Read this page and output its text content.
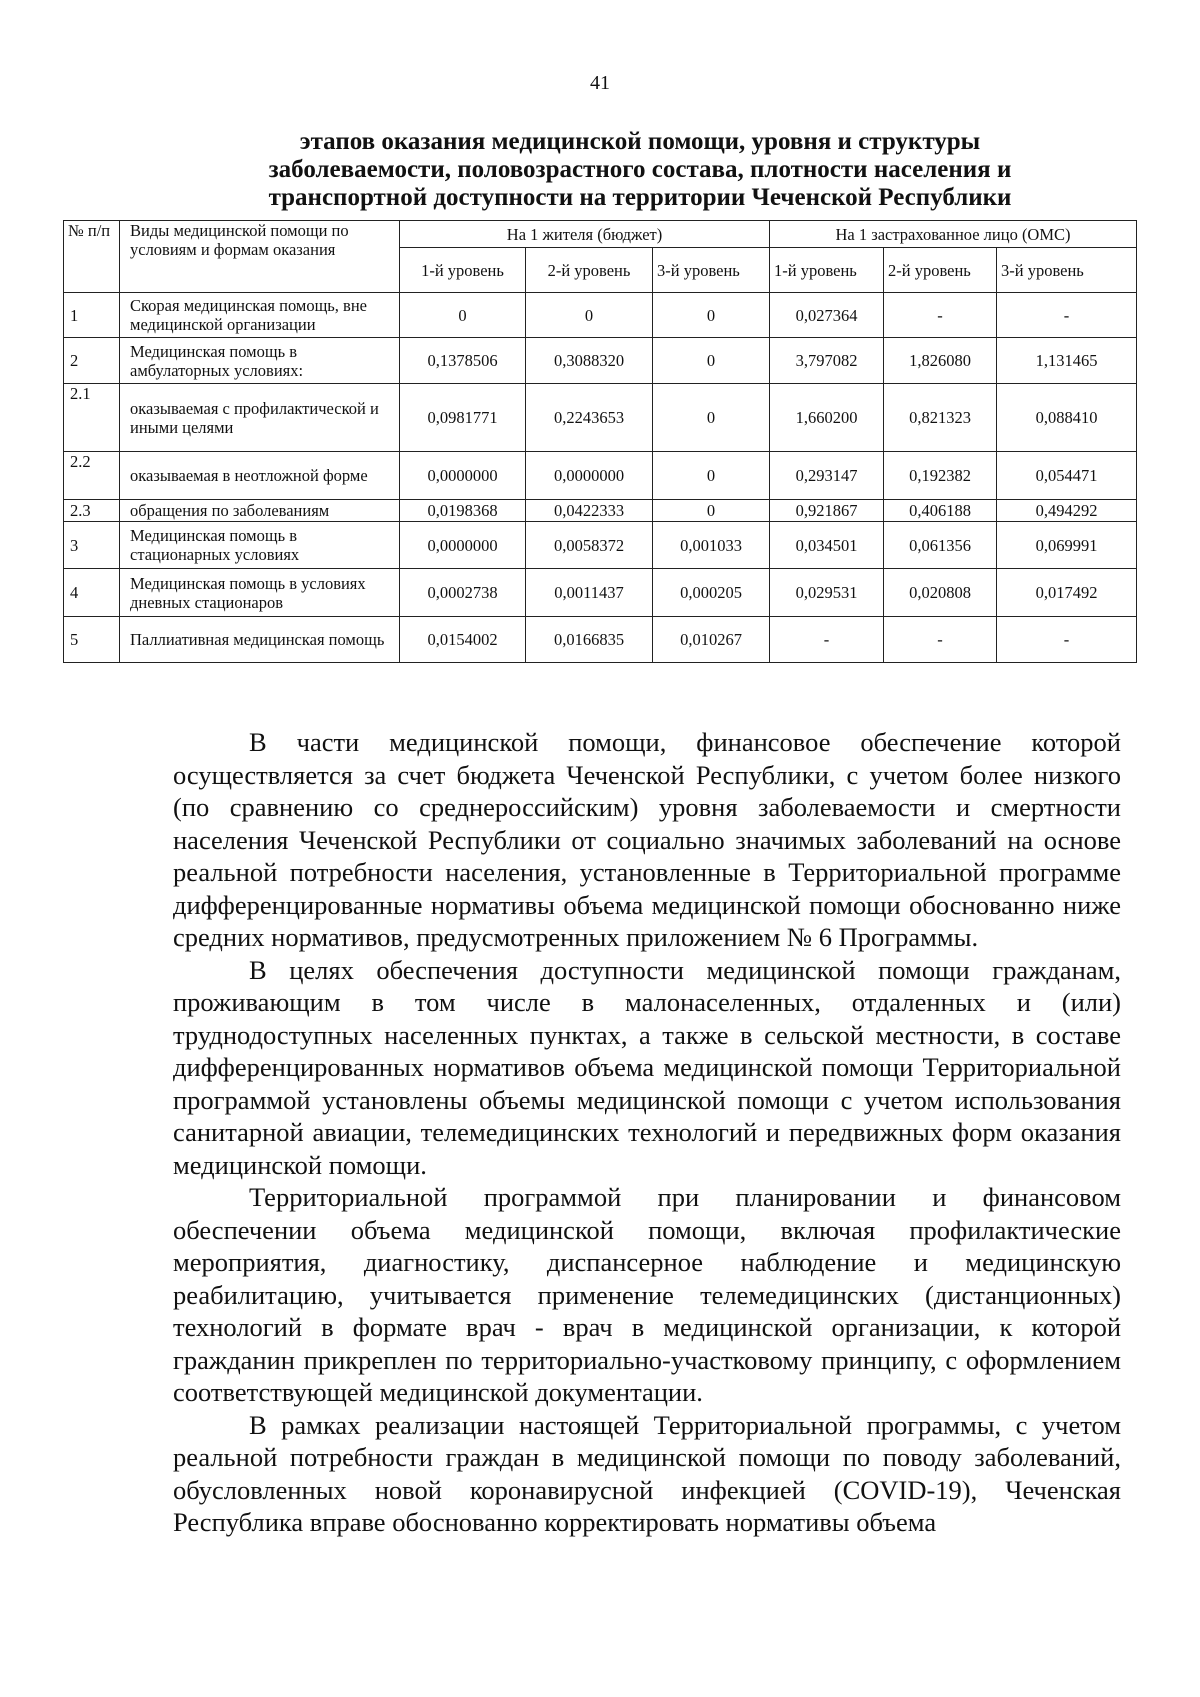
41
этапов оказания медицинской помощи, уровня и структуры
заболеваемости, половозрастного состава, плотности населения и
транспортной доступности на территории Чеченской Республики
№ п/п	Виды медицинской помощи по условиям и формам оказания	На 1 жителя (бюджет)			На 1 застрахованное лицо (ОМС)		
		1-й уровень	2-й уровень	3-й уровень	1-й уровень	2-й уровень	3-й уровень
1	Скорая медицинская помощь, вне медицинской организации	0	0	0	0,027364	-	-
2	Медицинская помощь в амбулаторных условиях:	0,1378506	0,3088320	0	3,797082	1,826080	1,131465
2.1	оказываемая с профилактической и иными целями	0,0981771	0,2243653	0	1,660200	0,821323	0,088410
2.2	оказываемая в неотложной форме	0,0000000	0,0000000	0	0,293147	0,192382	0,054471
2.3	обращения по заболеваниям	0,0198368	0,0422333	0	0,921867	0,406188	0,494292
3	Медицинская помощь в стационарных условиях	0,0000000	0,0058372	0,001033	0,034501	0,061356	0,069991
4	Медицинская помощь в условиях дневных стационаров	0,0002738	0,0011437	0,000205	0,029531	0,020808	0,017492
5	Паллиативная медицинская помощь	0,0154002	0,0166835	0,010267	-	-	-

В части медицинской помощи, финансовое обеспечение которой осуществляется за счет бюджета Чеченской Республики, с учетом более низкого (по сравнению со среднероссийским) уровня заболеваемости и смертности населения Чеченской Республики от социально значимых заболеваний на основе реальной потребности населения, установленные в Территориальной программе дифференцированные нормативы объема медицинской помощи обоснованно ниже средних нормативов, предусмотренных приложением № 6 Программы.

В целях обеспечения доступности медицинской помощи гражданам, проживающим в том числе в малонаселенных, отдаленных и (или) труднодоступных населенных пунктах, а также в сельской местности, в составе дифференцированных нормативов объема медицинской помощи Территориальной программой установлены объемы медицинской помощи с учетом использования санитарной авиации, телемедицинских технологий и передвижных форм оказания медицинской помощи.

Территориальной программой при планировании и финансовом обеспечении объема медицинской помощи, включая профилактические мероприятия, диагностику, диспансерное наблюдение и медицинскую реабилитацию, учитывается применение телемедицинских (дистанционных) технологий в формате врач - врач в медицинской организации, к которой гражданин прикреплен по территориально-участковому принципу, с оформлением соответствующей медицинской документации.

В рамках реализации настоящей Территориальной программы, с учетом реальной потребности граждан в медицинской помощи по поводу заболеваний, обусловленных новой коронавирусной инфекцией (COVID-19), Чеченская Республика вправе обоснованно корректировать нормативы объема
